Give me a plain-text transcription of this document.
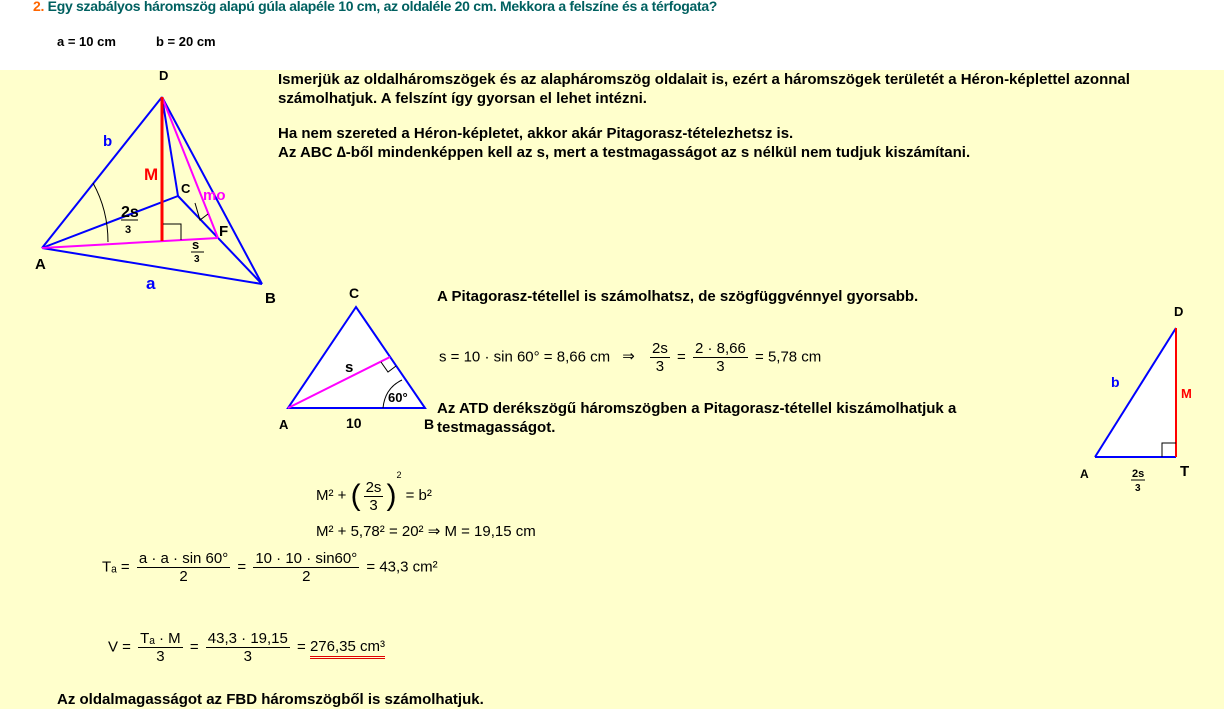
2. Egy szabályos háromszög alapú gúla alapéle 10 cm, az oldaléle 20 cm. Mekkora a felszíne és a térfogata?
a = 10 cm	b = 20 cm
D
A
B
C
F
b
a
M
mo
2s
3
s
3
C
A	B
s
10
60°
D
A	T
b
M
2s
3
Ismerjük az oldalháromszögek és az alapháromszög oldalait is, ezért a háromszögek területét a Héron-képlettel azonnal számolhatjuk. A felszínt így gyorsan el lehet intézni.
Ha nem szereted a Héron-képletet, akkor akár Pitagorasz-tételezhetsz is.
Az ABC ∆-ből mindenképpen kell az s, mert a testmagasságot az s nélkül nem tudjuk kiszámítani.
A Pitagorasz-tétellel is számolhatsz, de szögfüggvénnyel gyorsabb.
Az ATD derékszögű háromszögben a Pitagorasz-tétellel kiszámolhatjuk a testmagasságot.
Az oldalmagasságot az FBD háromszögből is számolhatjuk.
s = 10 · sin 60° = 8,66 cm ⇒ $\frac{2s}{3} = \frac{2 \cdot 8,66}{3} = 5,78$ cm
M² + ( $\frac{2s}{3} )^2 = b^2$
M² + 5,78² = 20² ⇒ M = 19,15 cm
$T_a = \frac{a \cdot a \cdot \sin 60^\circ}{2} = \frac{10 \cdot 10 \cdot \sin 60^\circ}{2} = 43,3$ cm²
$V = \frac{\text{Tₐ · M}}{3} = \frac{43,3 \cdot 19,15}{3} = 276,35$ cm³
